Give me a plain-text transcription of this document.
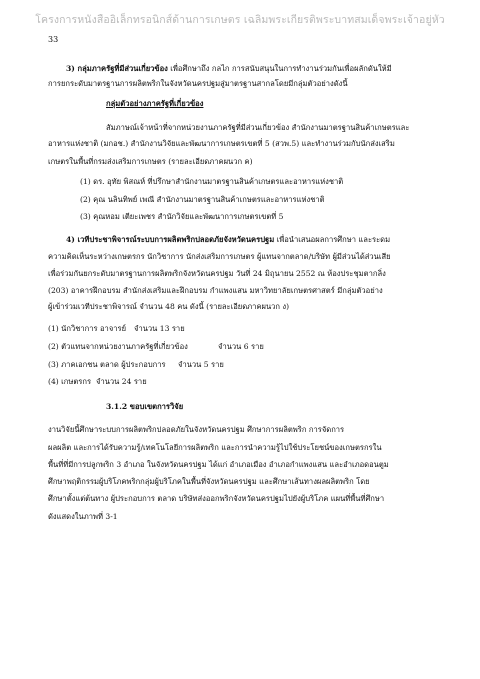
โครงการหนังสืออิเล็กทรอนิกส์ด้านการเกษตร เฉลิมพระเกียรติพระบาทสมเด็จพระเจ้าอยู่หัว
33
3) กลุ่มภาครัฐที่มีส่วนเกี่ยวข้อง เพื่อศึกษาถึง กลไก การสนับสนุนในการทำงานร่วมกันเพื่อผลักดันให้มี
การยกระดับมาตรฐานการผลิตพริกในจังหวัดนครปฐมสู่มาตรฐานสากลโดยมีกลุ่มตัวอย่างดังนี้
กลุ่มตัวอย่างภาครัฐที่เกี่ยวข้อง
สัมภาษณ์เจ้าหน้าที่จากหน่วยงานภาครัฐที่มีส่วนเกี่ยวข้อง สำนักงานมาตรฐานสินค้าเกษตรและ
อาหารแห่งชาติ (มกอช.) สำนักงานวิจัยและพัฒนาการเกษตรเขตที่ 5 (สวพ.5) และทำงานร่วมกับนักส่งเสริม
เกษตรในพื้นที่กรมส่งเสริมการเกษตร (รายละเอียดภาคผนวก ค)
(1) ดร. อุทัย พิสณห์ ที่ปรึกษาสำนักงานมาตรฐานสินค้าเกษตรและอาหารแห่งชาติ
(2) คุณ นลินทิพย์ เพณี สำนักงานมาตรฐานสินค้าเกษตรและอาหารแห่งชาติ
(3) คุณหอม เตียะเพชร สำนักวิจัยและพัฒนาการเกษตรเขตที่ 5
4) เวทีประชาพิจารณ์ระบบการผลิตพริกปลอดภัยจังหวัดนครปฐม เพื่อนำเสนอผลการศึกษา และระดม
ความคิดเห็นระหว่างเกษตรกร นักวิชาการ นักส่งเสริมการเกษตร ผู้แทนจากตลาด/บริษัท ผู้มีส่วนได้ส่วนเสีย
เพื่อร่วมกันยกระดับมาตรฐานการผลิตพริกจังหวัดนครปฐม วันที่ 24 มิถุนายน 2552 ณ ห้องประชุมตากลิ่ง
(203) อาคารฝึกอบรม สำนักส่งเสริมและฝึกอบรม กำแพงแสน มหาวิทยาลัยเกษตรศาสตร์ มีกลุ่มตัวอย่าง
ผู้เข้าร่วมเวทีประชาพิจารณ์ จำนวน 48 คน ดังนี้ (รายละเอียดภาคผนวก ง)
(1) นักวิชาการ อาจารย์ จำนวน 13 ราย
(2) ตัวแทนจากหน่วยงานภาครัฐที่เกี่ยวข้อง	จำนวน 6 ราย
(3) ภาคเอกชน ตลาด ผู้ประกอบการ จำนวน 5 ราย
(4) เกษตรกร จำนวน 24 ราย
3.1.2 ขอบเขตการวิจัย
งานวิจัยนี้ศึกษาระบบการผลิตพริกปลอดภัยในจังหวัดนครปฐม ศึกษาการผลิตพริก การจัดการ
ผลผลิต และการได้รับความรู้/เทคโนโลยีการผลิตพริก และการนำความรู้ไปใช้ประโยชน์ของเกษตรกรใน
พื้นที่ที่มีการปลูกพริก 3 อำเภอ ในจังหวัดนครปฐม ได้แก่ อำเภอเมือง อำเภอกำแพงแสน และอำเภอดอนตูม
ศึกษาพฤติกรรมผู้บริโภคพริกกลุ่มผู้บริโภคในพื้นที่จังหวัดนครปฐม และศึกษาเส้นทางผลผลิตพริก โดย
ศึกษาตั้งแต่ต้นทาง ผู้ประกอบการ ตลาด บริษัทส่งออกพริกจังหวัดนครปฐมไปยังผู้บริโภค แผนที่พื้นที่ศึกษา
ดังแสดงในภาพที่ 3-1
